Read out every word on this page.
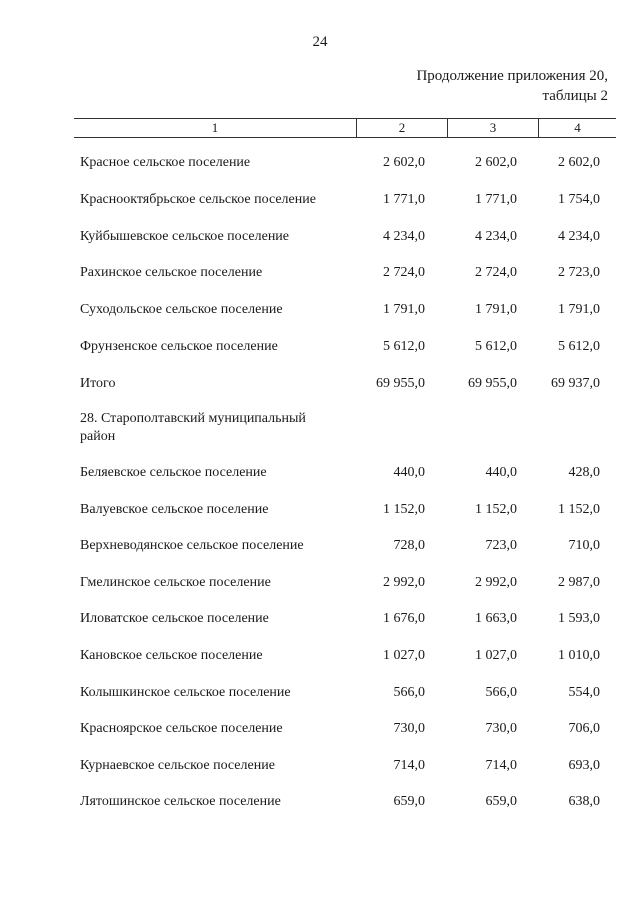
24
Продолжение приложения 20,
таблицы 2
1	2	3	4
Красное сельское поселение	2 602,0	2 602,0	2 602,0
Краснооктябрьское сельское поселение	1 771,0	1 771,0	1 754,0
Куйбышевское сельское поселение	4 234,0	4 234,0	4 234,0
Рахинское сельское поселение	2 724,0	2 724,0	2 723,0
Суходольское сельское поселение	1 791,0	1 791,0	1 791,0
Фрунзенское сельское поселение	5 612,0	5 612,0	5 612,0
Итого	69 955,0	69 955,0	69 937,0
28. Старополтавский муниципальный
район
Беляевское сельское поселение	440,0	440,0	428,0
Валуевское сельское поселение	1 152,0	1 152,0	1 152,0
Верхневодянское сельское поселение	728,0	723,0	710,0
Гмелинское сельское поселение	2 992,0	2 992,0	2 987,0
Иловатское сельское поселение	1 676,0	1 663,0	1 593,0
Кановское сельское поселение	1 027,0	1 027,0	1 010,0
Колышкинское сельское поселение	566,0	566,0	554,0
Красноярское сельское поселение	730,0	730,0	706,0
Курнаевское сельское поселение	714,0	714,0	693,0
Лятошинское сельское поселение	659,0	659,0	638,0
